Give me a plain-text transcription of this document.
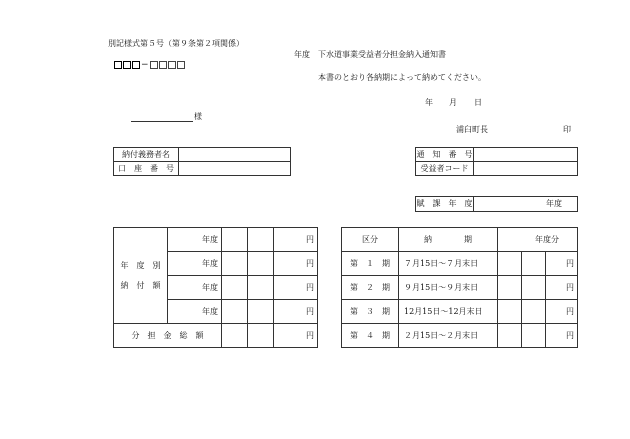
別記様式第５号（第９条第２項関係）
年度　下水道事業受益者分担金納入通知書
−
本書のとおり各納期によって納めてください。
年 月 日
様
浦臼町長	印
納付義務者名	
口　座　番　号	
通　知　番　号	
受益者コード	
賦　課　年　度	年度
年　度　別
納　付　額	年度			円
	年度			円
	年度			円
	年度			円
分　担　金　総　額				円
区分	納　　　　期	年度分		
第　１　期	７月15日～７月末日			円
第　２　期	９月15日～９月末日			円
第　３　期	12月15日～12月末日			円
第　４　期	２月15日～２月末日			円
